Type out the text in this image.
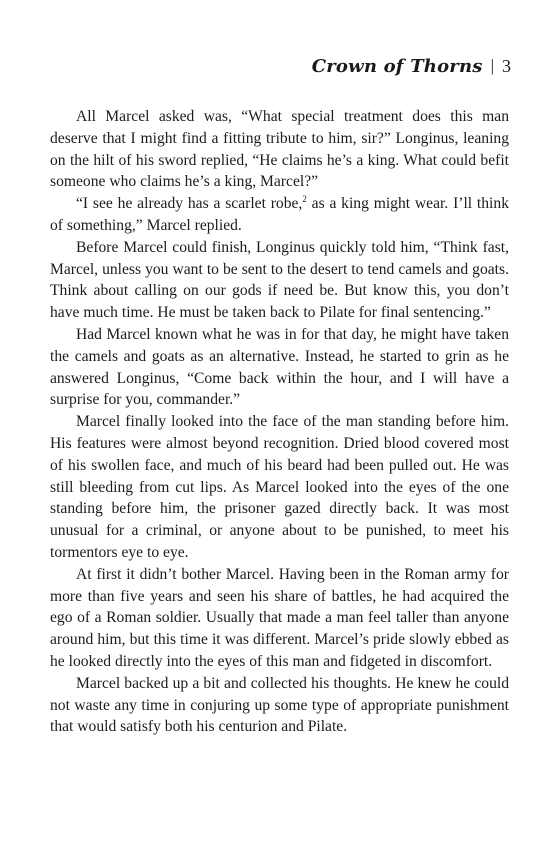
Crown of Thorns | 3

All Marcel asked was, “What special treatment does this man deserve that I might find a fitting tribute to him, sir?” Longinus, leaning on the hilt of his sword replied, “He claims he’s a king. What could befit someone who claims he’s a king, Marcel?”

“I see he already has a scarlet robe,$^2$ as a king might wear. I’ll think of something,” Marcel replied.

Before Marcel could finish, Longinus quickly told him, “Think fast, Marcel, unless you want to be sent to the desert to tend camels and goats. Think about calling on our gods if need be. But know this, you don’t have much time. He must be taken back to Pilate for final sentencing.”

Had Marcel known what he was in for that day, he might have taken the camels and goats as an alternative. Instead, he started to grin as he answered Longinus, “Come back within the hour, and I will have a surprise for you, commander.”

Marcel finally looked into the face of the man standing before him. His features were almost beyond recognition. Dried blood covered most of his swollen face, and much of his beard had been pulled out. He was still bleeding from cut lips. As Marcel looked into the eyes of the one standing before him, the prisoner gazed directly back. It was most unusual for a criminal, or anyone about to be punished, to meet his tormentors eye to eye.

At first it didn’t bother Marcel. Having been in the Roman army for more than five years and seen his share of battles, he had acquired the ego of a Roman soldier. Usually that made a man feel taller than anyone around him, but this time it was different. Marcel’s pride slowly ebbed as he looked directly into the eyes of this man and fidgeted in discomfort.

Marcel backed up a bit and collected his thoughts. He knew he could not waste any time in conjuring up some type of appropriate punishment that would satisfy both his centurion and Pilate.
